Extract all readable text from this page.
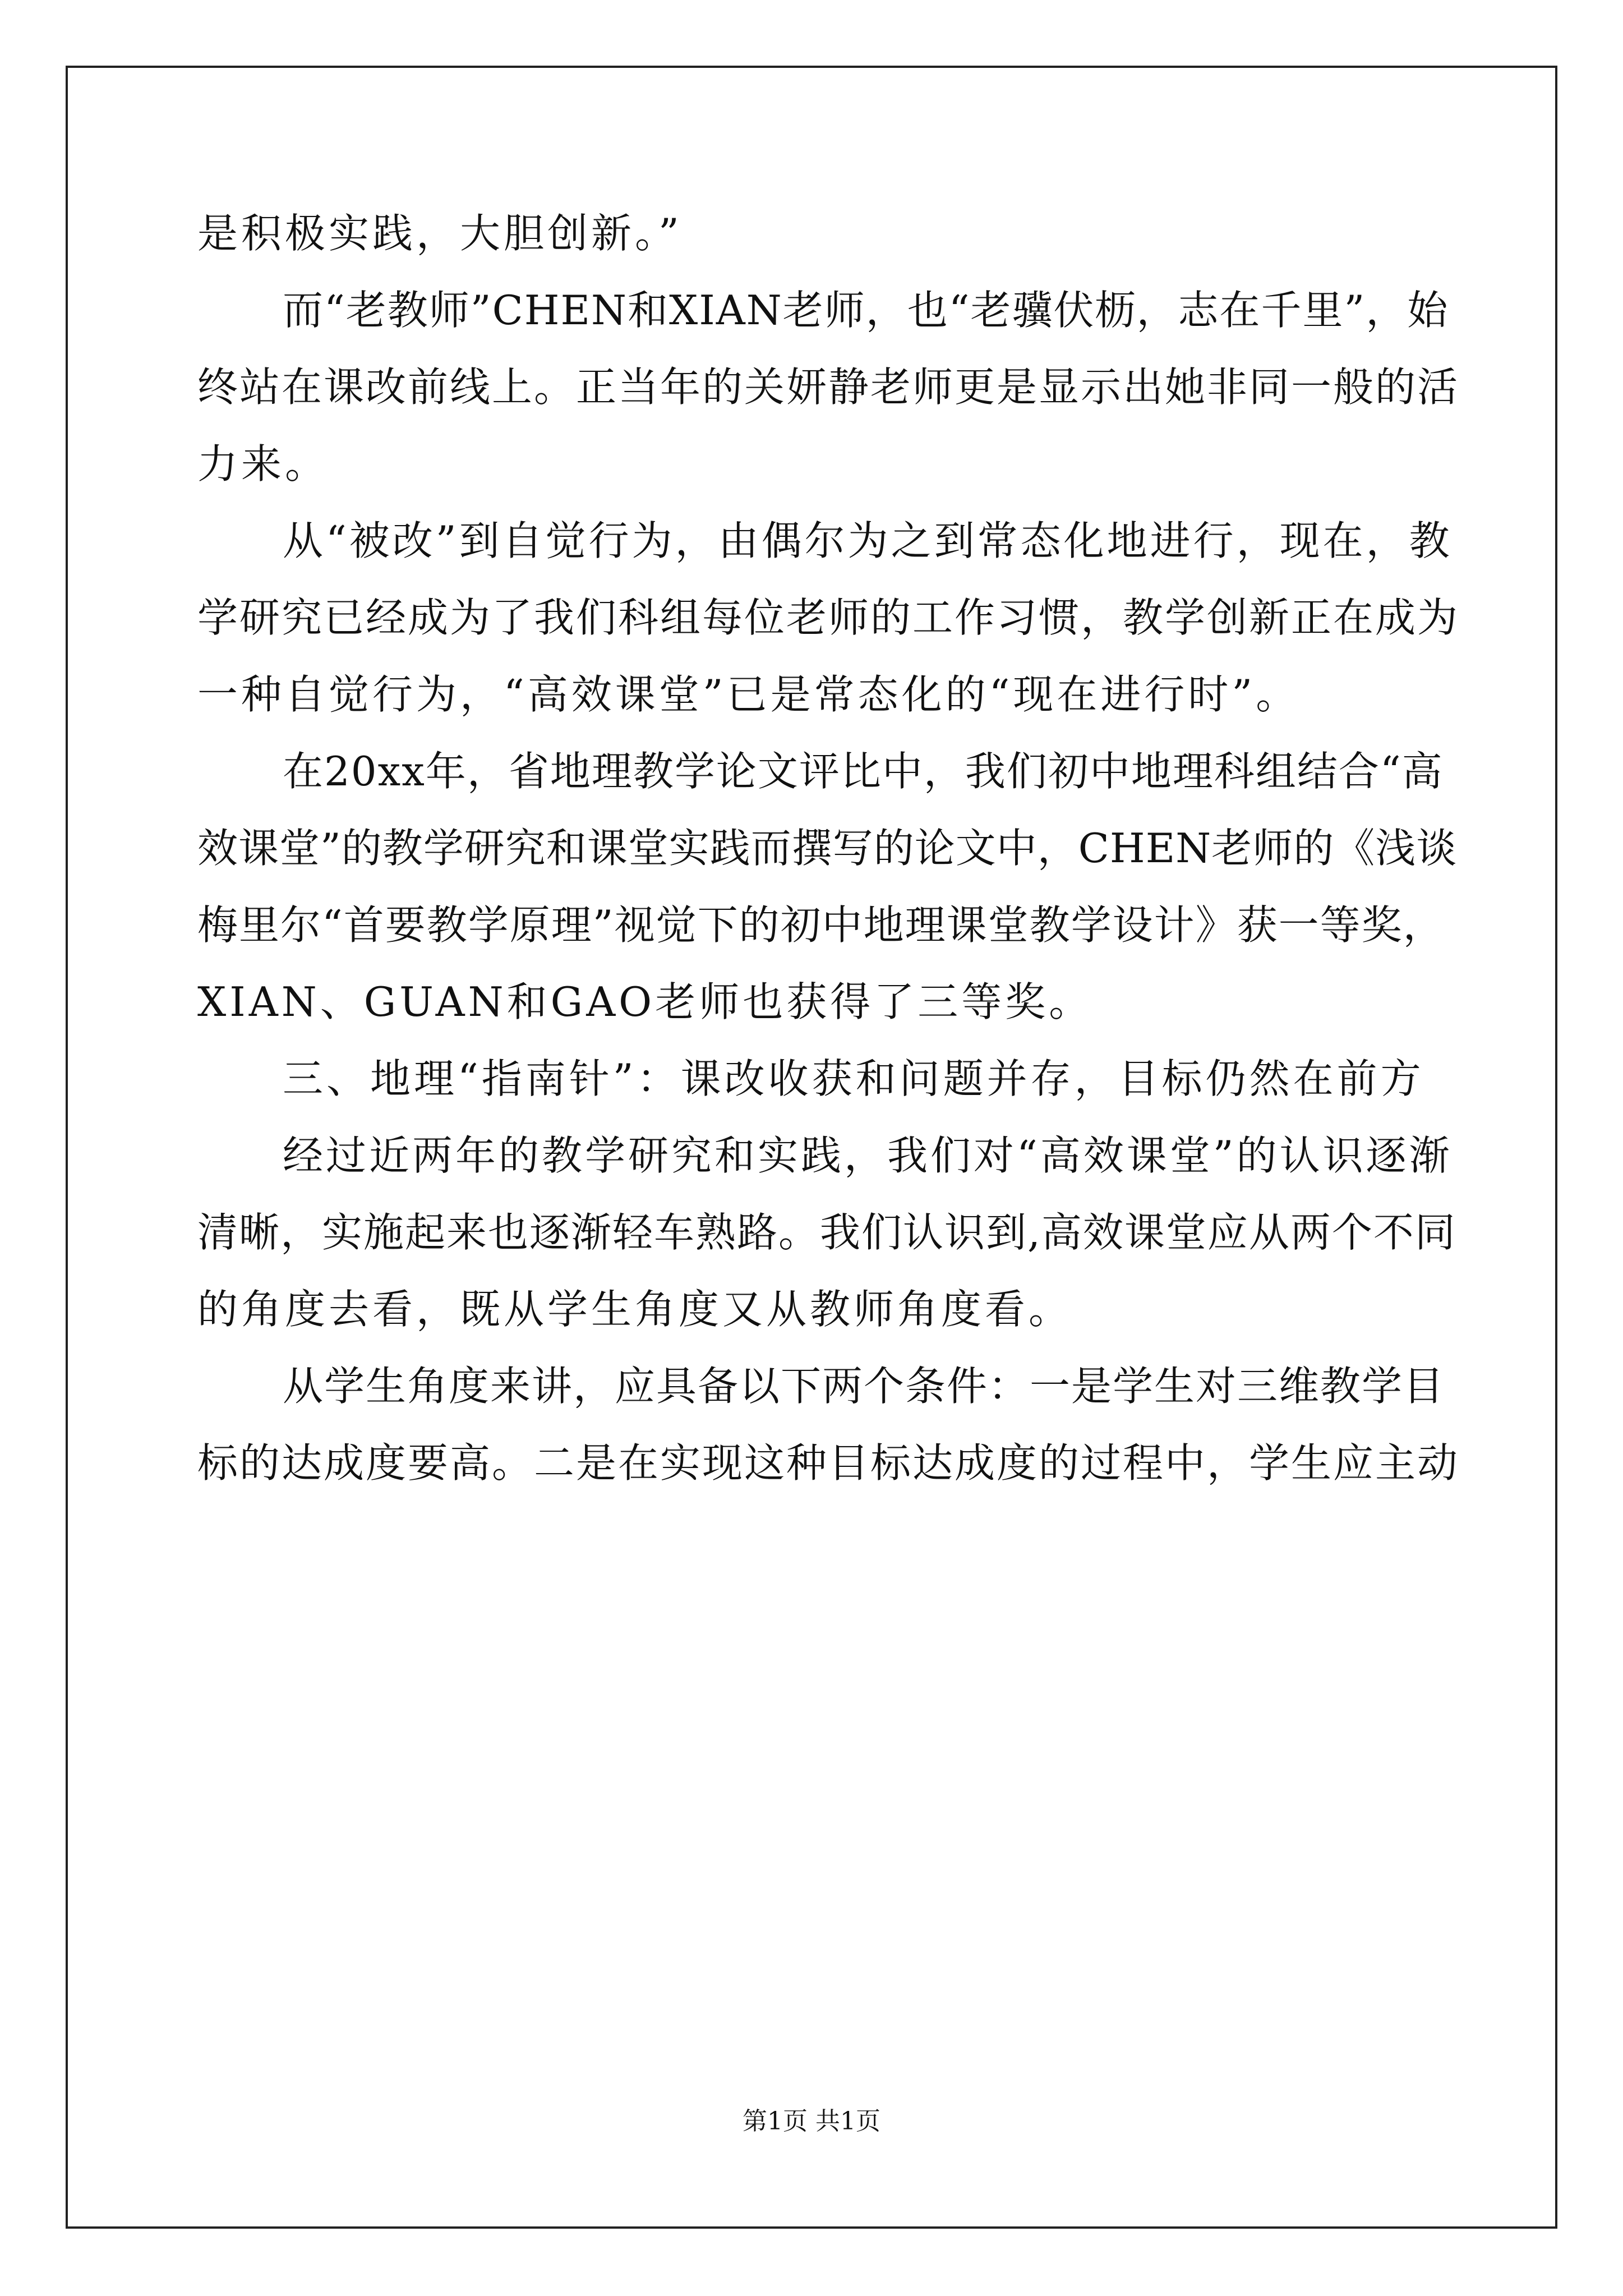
是积极实践，大胆创新。”
而“老教师”CHEN和XIAN老师，也“老骥伏枥，志在千里”，始
终站在课改前线上。正当年的关妍静老师更是显示出她非同一般的活
力来。
从“被改”到自觉行为，由偶尔为之到常态化地进行，现在，教
学研究已经成为了我们科组每位老师的工作习惯，教学创新正在成为
一种自觉行为，“高效课堂”已是常态化的“现在进行时”。
在20xx年，省地理教学论文评比中，我们初中地理科组结合“高
效课堂”的教学研究和课堂实践而撰写的论文中，CHEN老师的《浅谈
梅里尔“首要教学原理”视觉下的初中地理课堂教学设计》获一等奖，
XIAN、GUAN和GAO老师也获得了三等奖。
三、地理“指南针”：课改收获和问题并存，目标仍然在前方
经过近两年的教学研究和实践，我们对“高效课堂”的认识逐渐
清晰，实施起来也逐渐轻车熟路。我们认识到,高效课堂应从两个不同
的角度去看，既从学生角度又从教师角度看。
从学生角度来讲，应具备以下两个条件：一是学生对三维教学目
标的达成度要高。二是在实现这种目标达成度的过程中，学生应主动
第1页 共1页
